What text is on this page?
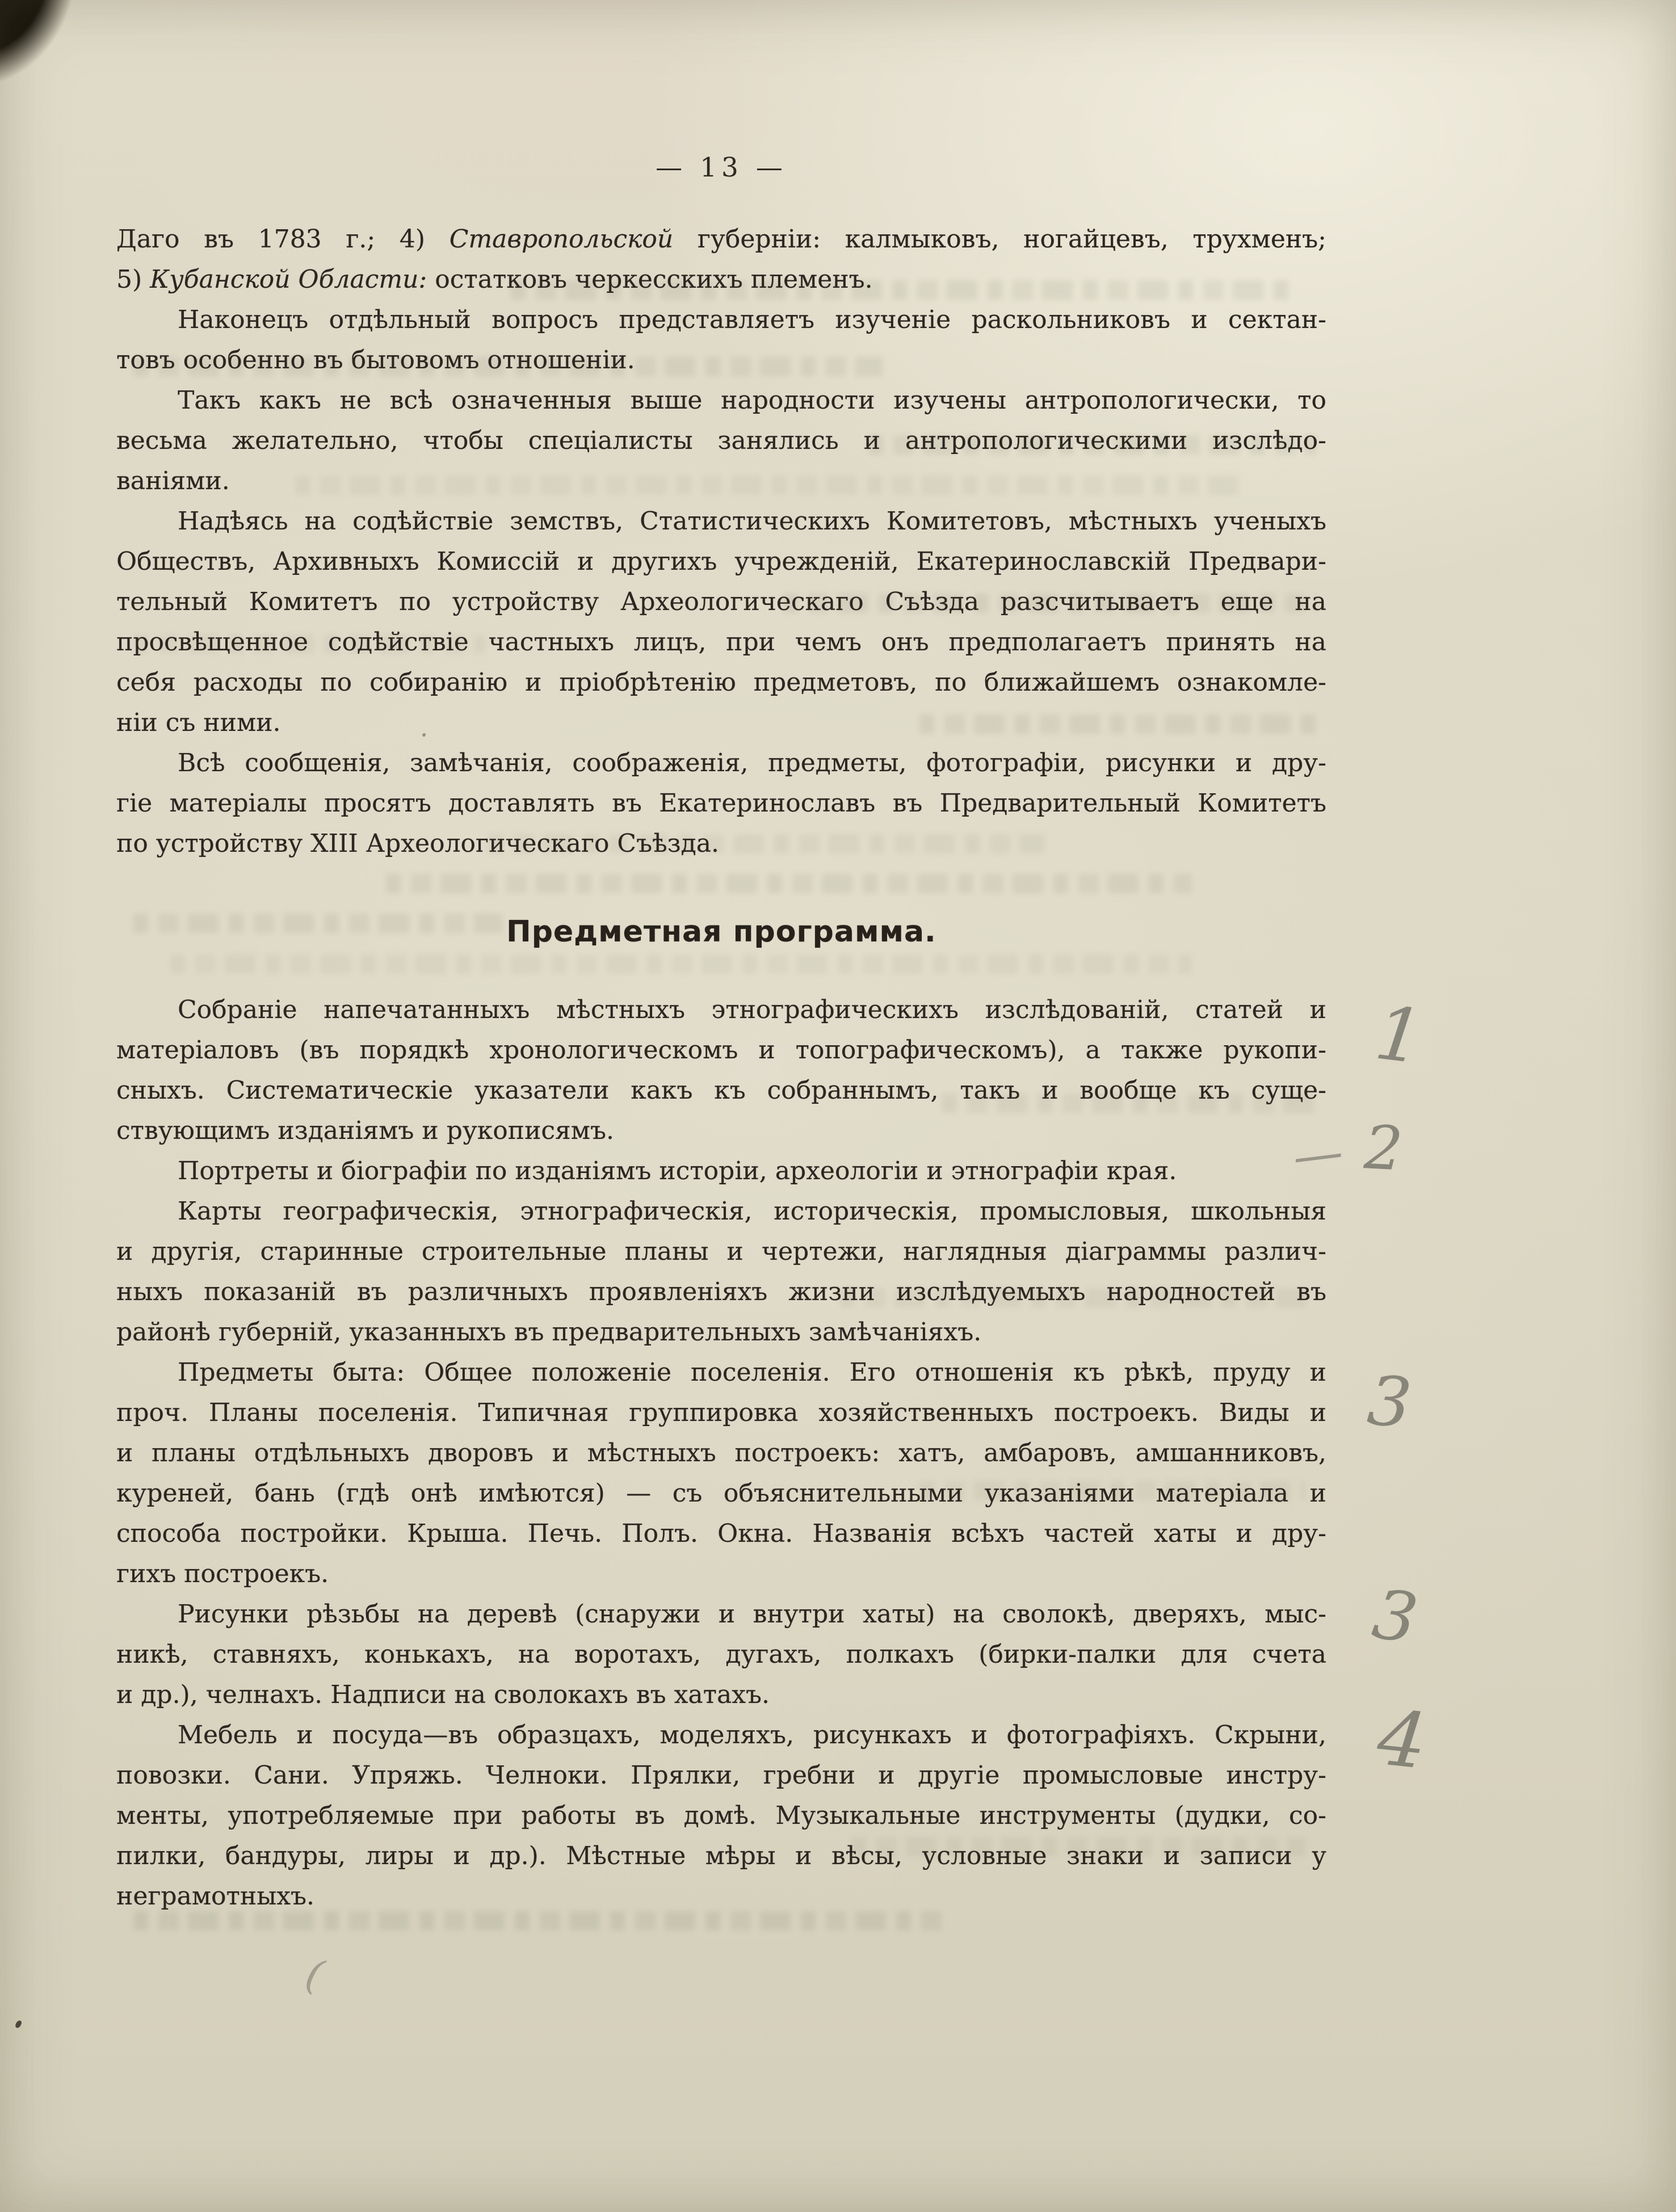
— 13 —
Даго въ 1783 г.; 4) Ставропольской губерніи: калмыковъ, ногайцевъ, трухменъ;
5) Кубанской Области: остатковъ черкесскихъ племенъ.
Наконецъ отдѣльный вопросъ представляетъ изученіе раскольниковъ и сектан-
товъ особенно въ бытовомъ отношеніи.
Такъ какъ не всѣ означенныя выше народности изучены антропологически, то
весьма желательно, чтобы спеціалисты занялись и антропологическими изслѣдо-
ваніями.
Надѣясь на содѣйствіе земствъ, Статистическихъ Комитетовъ, мѣстныхъ ученыхъ
Обществъ, Архивныхъ Комиссій и другихъ учрежденій, Екатеринославскій Предвари-
тельный Комитетъ по устройству Археологическаго Съѣзда разсчитываетъ еще на
просвѣщенное содѣйствіе частныхъ лицъ, при чемъ онъ предполагаетъ принять на
себя расходы по собиранію и пріобрѣтенію предметовъ, по ближайшемъ ознакомле-
ніи съ ними.
Всѣ сообщенія, замѣчанія, соображенія, предметы, фотографіи, рисунки и дру-
гіе матеріалы просятъ доставлять въ Екатеринославъ въ Предварительный Комитетъ
по устройству XIII Археологическаго Съѣзда.
Предметная программа.
Собраніе напечатанныхъ мѣстныхъ этнографическихъ изслѣдованій, статей и
матеріаловъ (въ порядкѣ хронологическомъ и топографическомъ), а также рукопи-
сныхъ. Систематическіе указатели какъ къ собраннымъ, такъ и вообще къ суще-
ствующимъ изданіямъ и рукописямъ.
Портреты и біографіи по изданіямъ исторіи, археологіи и этнографіи края.
Карты географическія, этнографическія, историческія, промысловыя, школьныя
и другія, старинные строительные планы и чертежи, наглядныя діаграммы различ-
ныхъ показаній въ различныхъ проявленіяхъ жизни изслѣдуемыхъ народностей въ
районѣ губерній, указанныхъ въ предварительныхъ замѣчаніяхъ.
Предметы быта: Общее положеніе поселенія. Его отношенія къ рѣкѣ, пруду и
проч. Планы поселенія. Типичная группировка хозяйственныхъ построекъ. Виды и
и планы отдѣльныхъ дворовъ и мѣстныхъ построекъ: хатъ, амбаровъ, амшанниковъ,
куреней, бань (гдѣ онѣ имѣются) — съ объяснительными указаніями матеріала и
способа постройки. Крыша. Печь. Полъ. Окна. Названія всѣхъ частей хаты и дру-
гихъ построекъ.
Рисунки рѣзьбы на деревѣ (снаружи и внутри хаты) на сволокѣ, дверяхъ, мыс-
никѣ, ставняхъ, конькахъ, на воротахъ, дугахъ, полкахъ (бирки-палки для счета
и др.), челнахъ. Надписи на сволокахъ въ хатахъ.
Мебель и посуда—въ образцахъ, моделяхъ, рисункахъ и фотографіяхъ. Скрыни,
повозки. Сани. Упряжь. Челноки. Прялки, гребни и другіе промысловые инстру-
менты, употребляемые при работы въ домѣ. Музыкальные инструменты (дудки, со-
пилки, бандуры, лиры и др.). Мѣстные мѣры и вѣсы, условные знаки и записи у
неграмотныхъ.
1
— 2
3
3
4
(
